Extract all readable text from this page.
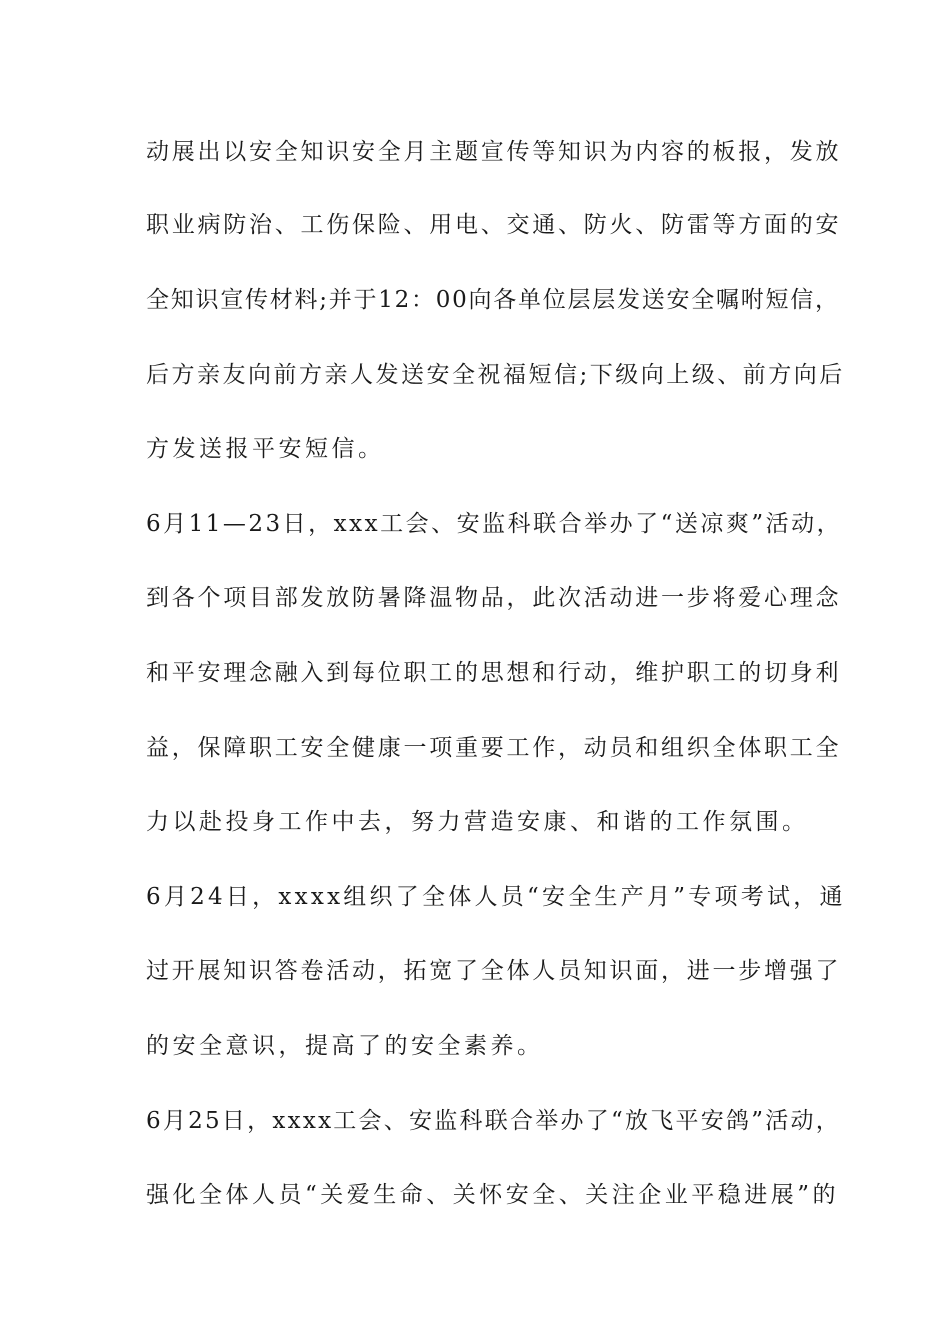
动展出以安全知识安全月主题宣传等知识为内容的板报，发放
职业病防治、工伤保险、用电、交通、防火、防雷等方面的安
全知识宣传材料;并于12：00向各单位层层发送安全嘱咐短信，
后方亲友向前方亲人发送安全祝福短信;下级向上级、前方向后
方发送报平安短信。
6月11—23日，xxx工会、安监科联合举办了“送凉爽”活动，
到各个项目部发放防暑降温物品，此次活动进一步将爱心理念
和平安理念融入到每位职工的思想和行动，维护职工的切身利
益，保障职工安全健康一项重要工作，动员和组织全体职工全
力以赴投身工作中去，努力营造安康、和谐的工作氛围。
6月24日，xxxx组织了全体人员“安全生产月”专项考试，通
过开展知识答卷活动，拓宽了全体人员知识面，进一步增强了
的安全意识，提高了的安全素养。
6月25日，xxxx工会、安监科联合举办了“放飞平安鸽”活动，
强化全体人员“关爱生命、关怀安全、关注企业平稳进展”的
